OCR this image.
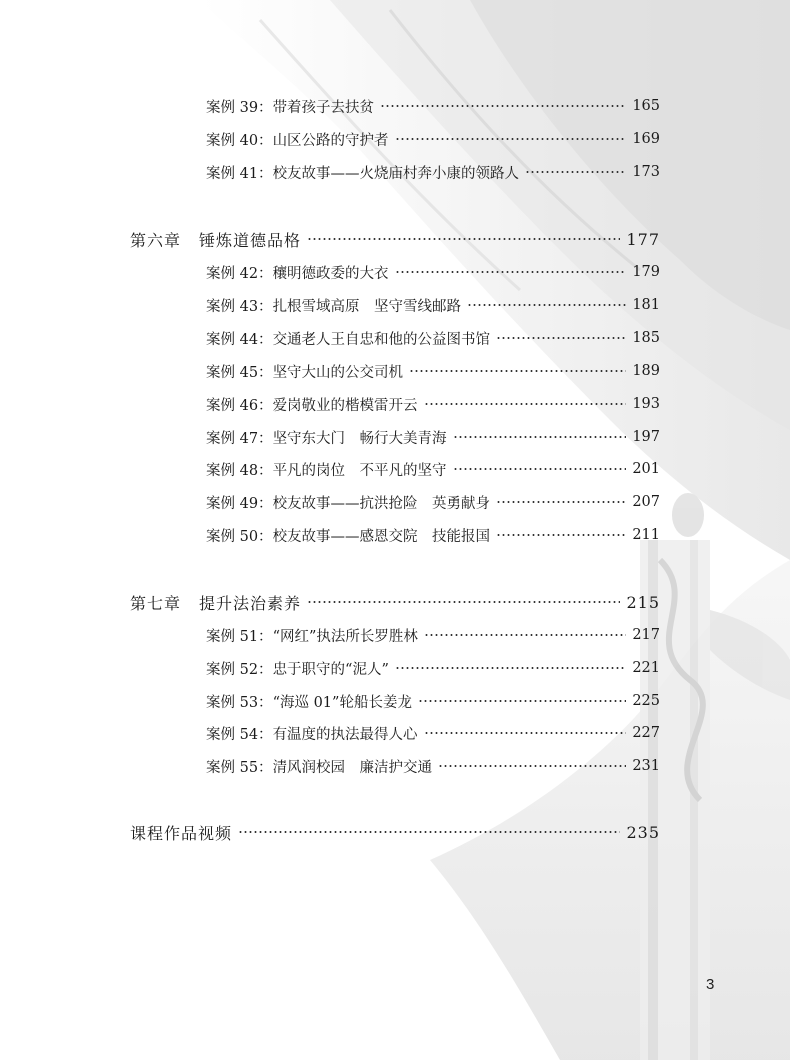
案例 39： 带着孩子去扶贫	165
案例 40： 山区公路的守护者	169
案例 41： 校友故事——火烧庙村奔小康的领路人	173
第六章 锤炼道德品格	177
案例 42： 穰明德政委的大衣	179
案例 43： 扎根雪域高原　坚守雪线邮路	181
案例 44： 交通老人王自忠和他的公益图书馆	185
案例 45： 坚守大山的公交司机	189
案例 46： 爱岗敬业的楷模雷开云	193
案例 47： 坚守东大门　畅行大美青海	197
案例 48： 平凡的岗位　不平凡的坚守	201
案例 49： 校友故事——抗洪抢险　英勇献身	207
案例 50： 校友故事——感恩交院　技能报国	211
第七章 提升法治素养	215
案例 51： “网红”执法所长罗胜林	217
案例 52： 忠于职守的“泥人”	221
案例 53： “海巡 01”轮船长姜龙	225
案例 54： 有温度的执法最得人心	227
案例 55： 清风润校园　廉洁护交通	231
课程作品视频	235
3
